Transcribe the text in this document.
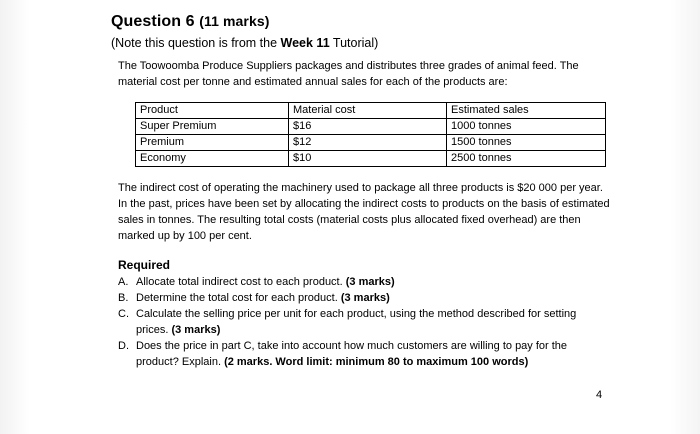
Question 6 (11 marks)
(Note this question is from the Week 11 Tutorial)
The Toowoomba Produce Suppliers packages and distributes three grades of animal feed. The material cost per tonne and estimated annual sales for each of the products are:
Product	Material cost	Estimated sales
Super Premium	$16	1000 tonnes
Premium	$12	1500 tonnes
Economy	$10	2500 tonnes
The indirect cost of operating the machinery used to package all three products is $20 000 per year. In the past, prices have been set by allocating the indirect costs to products on the basis of estimated sales in tonnes. The resulting total costs (material costs plus allocated fixed overhead) are then marked up by 100 per cent.
Required
A. Allocate total indirect cost to each product. (3 marks)
B. Determine the total cost for each product. (3 marks)
C. Calculate the selling price per unit for each product, using the method described for setting prices. (3 marks)
D. Does the price in part C, take into account how much customers are willing to pay for the product? Explain. (2 marks. Word limit: minimum 80 to maximum 100 words)
4
